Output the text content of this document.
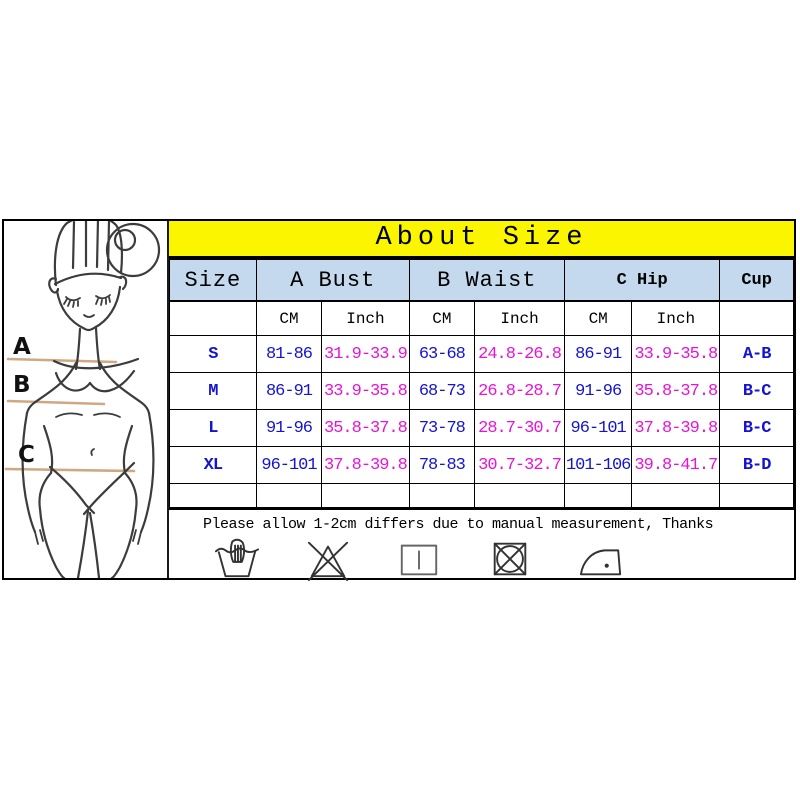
A
B
C
About Size
Size	A Bust		B Waist		C Hip		Cup
	CM	Inch	CM	Inch	CM	Inch	
S	81-86	31.9-33.9	63-68	24.8-26.8	86-91	33.9-35.8	A-B
M	86-91	33.9-35.8	68-73	26.8-28.7	91-96	35.8-37.8	B-C
L	91-96	35.8-37.8	73-78	28.7-30.7	96-101	37.8-39.8	B-C
XL	96-101	37.8-39.8	78-83	30.7-32.7	101-106	39.8-41.7	B-D

Please allow 1-2cm differs due to manual measurement, Thanks
